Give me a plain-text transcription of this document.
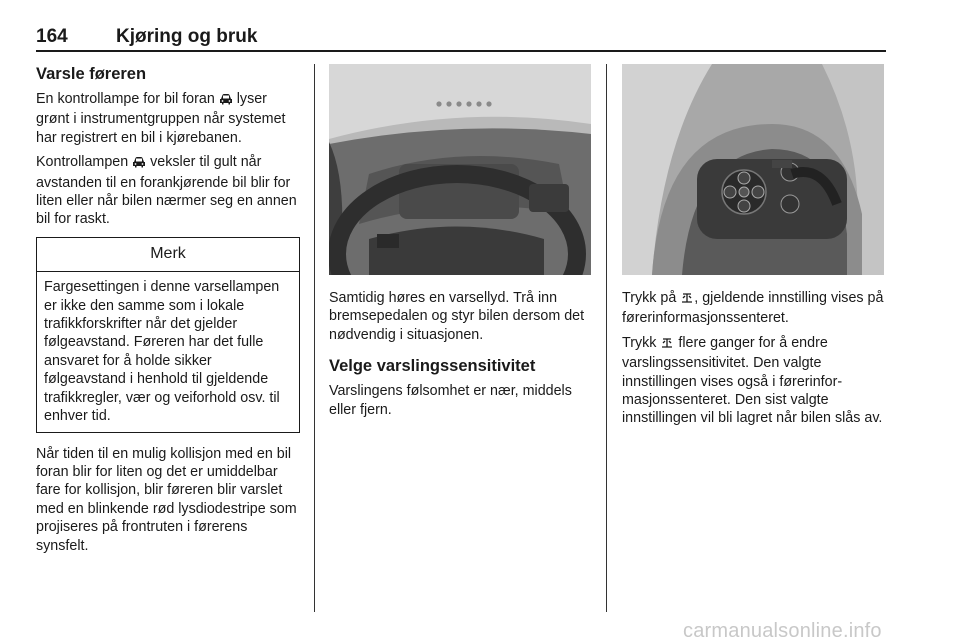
164	Kjøring og bruk
Varsle føreren

En kontrollampe for bil foran  lyser grønt i instrumentgruppen når systemet har registrert en bil i kjørebanen.

Kontrollampen  veksler til gult når avstanden til en forankjørende bil blir for liten eller når bilen nærmer seg en annen bil for raskt.

Merk
Fargesettingen i denne varsellampen er ikke den samme som i lokale trafikkforskrifter når det gjelder følgeavstand. Føreren har det fulle ansvaret for å holde sikker følgeavstand i henhold til gjeldende trafikkregler, vær og veiforhold osv. til enhver tid.

Når tiden til en mulig kollisjon med en bil foran blir for liten og det er umiddelbar fare for kollisjon, blir føreren blir varslet med en blinkende rød lysdiodestripe som projiseres på frontruten i førerens synsfelt.

Samtidig høres en varsellyd. Trå inn bremsepedalen og styr bilen dersom det nødvendig i situasjonen.

Velge varslingssensitivitet

Varslingens følsomhet er nær, middels eller fjern.

Trykk på , gjeldende innstilling vises på førerinformasjonssenteret.

Trykk  flere ganger for å endre varslingssensitivitet. Den valgte innstillingen vises også i førerinformasjonssenteret. Den sist valgte innstillingen vil bli lagret når bilen slås av.

carmanualsonline.info
